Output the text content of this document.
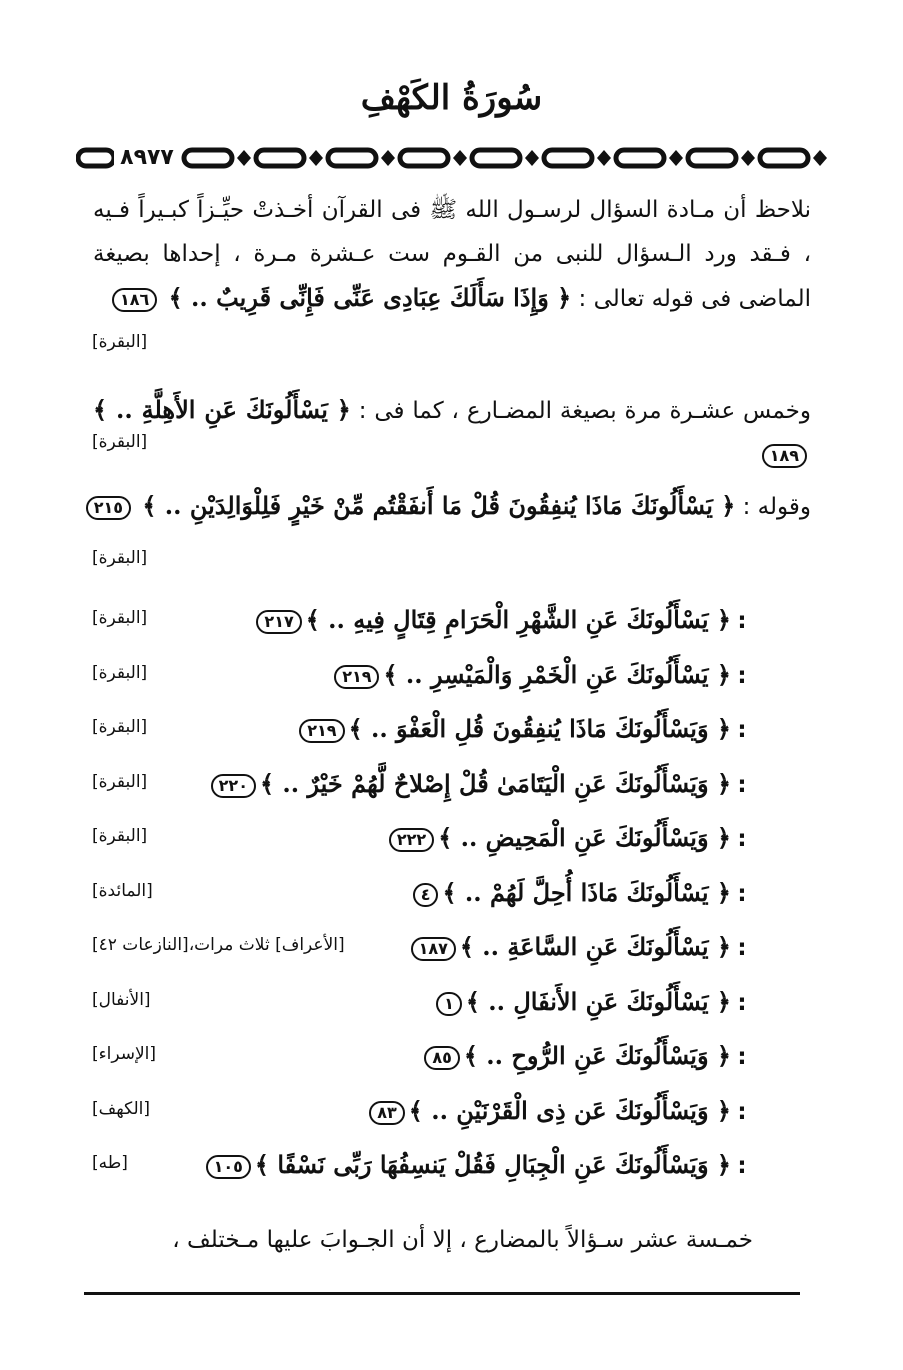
سُورَةُ الكَهْفِ
٨٩٧٧
نلاحظ أن مـادة السؤال لرسـول الله ﷺ فى القرآن أخـذتْ حيِّـزاً كبـيراً فـيه ، فـقد ورد الـسؤال للنبى من القـوم ست عـشرة مـرة ، إحداها بصيغة الماضى فى قوله تعالى : ﴿ وَإِذَا سَأَلَكَ عِبَادِى عَنِّى فَإِنِّى قَرِيبٌ .. ﴾ ١٨٦
[البقرة]
وخمس عشـرة مرة بصيغة المضـارع ، كما فى : ﴿ يَسْأَلُونَكَ عَنِ الأَهِلَّةِ .. ﴾ ١٨٩
[البقرة]
وقوله : ﴿ يَسْأَلُونَكَ مَاذَا يُنفِقُونَ قُلْ مَا أَنفَقْتُم مِّنْ خَيْرٍ فَلِلْوَالِدَيْنِ .. ﴾ ٢١٥
[البقرة]
:﴿ يَسْأَلُونَكَ عَنِ الشَّهْرِ الْحَرَامِ قِتَالٍ فِيهِ .. ﴾٢١٧
[البقرة]
:﴿ يَسْأَلُونَكَ عَنِ الْخَمْرِ وَالْمَيْسِرِ .. ﴾٢١٩
[البقرة]
:﴿ وَيَسْأَلُونَكَ مَاذَا يُنفِقُونَ قُلِ الْعَفْوَ .. ﴾٢١٩
[البقرة]
:﴿ وَيَسْأَلُونَكَ عَنِ الْيَتَامَىٰ قُلْ إِصْلاحٌ لَّهُمْ خَيْرٌ .. ﴾٢٢٠
[البقرة]
:﴿ وَيَسْأَلُونَكَ عَنِ الْمَحِيضِ .. ﴾٢٢٢
[البقرة]
:﴿ يَسْأَلُونَكَ مَاذَا أُحِلَّ لَهُمْ .. ﴾٤
[المائدة]
:﴿ يَسْأَلُونَكَ عَنِ السَّاعَةِ .. ﴾١٨٧
[الأعراف] ثلاث مرات،[النازعات ٤٢]
:﴿ يَسْأَلُونَكَ عَنِ الأَنفَالِ .. ﴾١
[الأنفال]
:﴿ وَيَسْأَلُونَكَ عَنِ الرُّوحِ .. ﴾٨٥
[الإسراء]
:﴿ وَيَسْأَلُونَكَ عَن ذِى الْقَرْنَيْنِ .. ﴾٨٣
[الكهف]
:﴿ وَيَسْأَلُونَكَ عَنِ الْجِبَالِ فَقُلْ يَنسِفُهَا رَبِّى نَسْفًا ﴾١٠٥
[طه]
خمـسة عشر سـؤالاً بالمضارع ، إلا أن الجـوابَ عليها مـختلف ،
